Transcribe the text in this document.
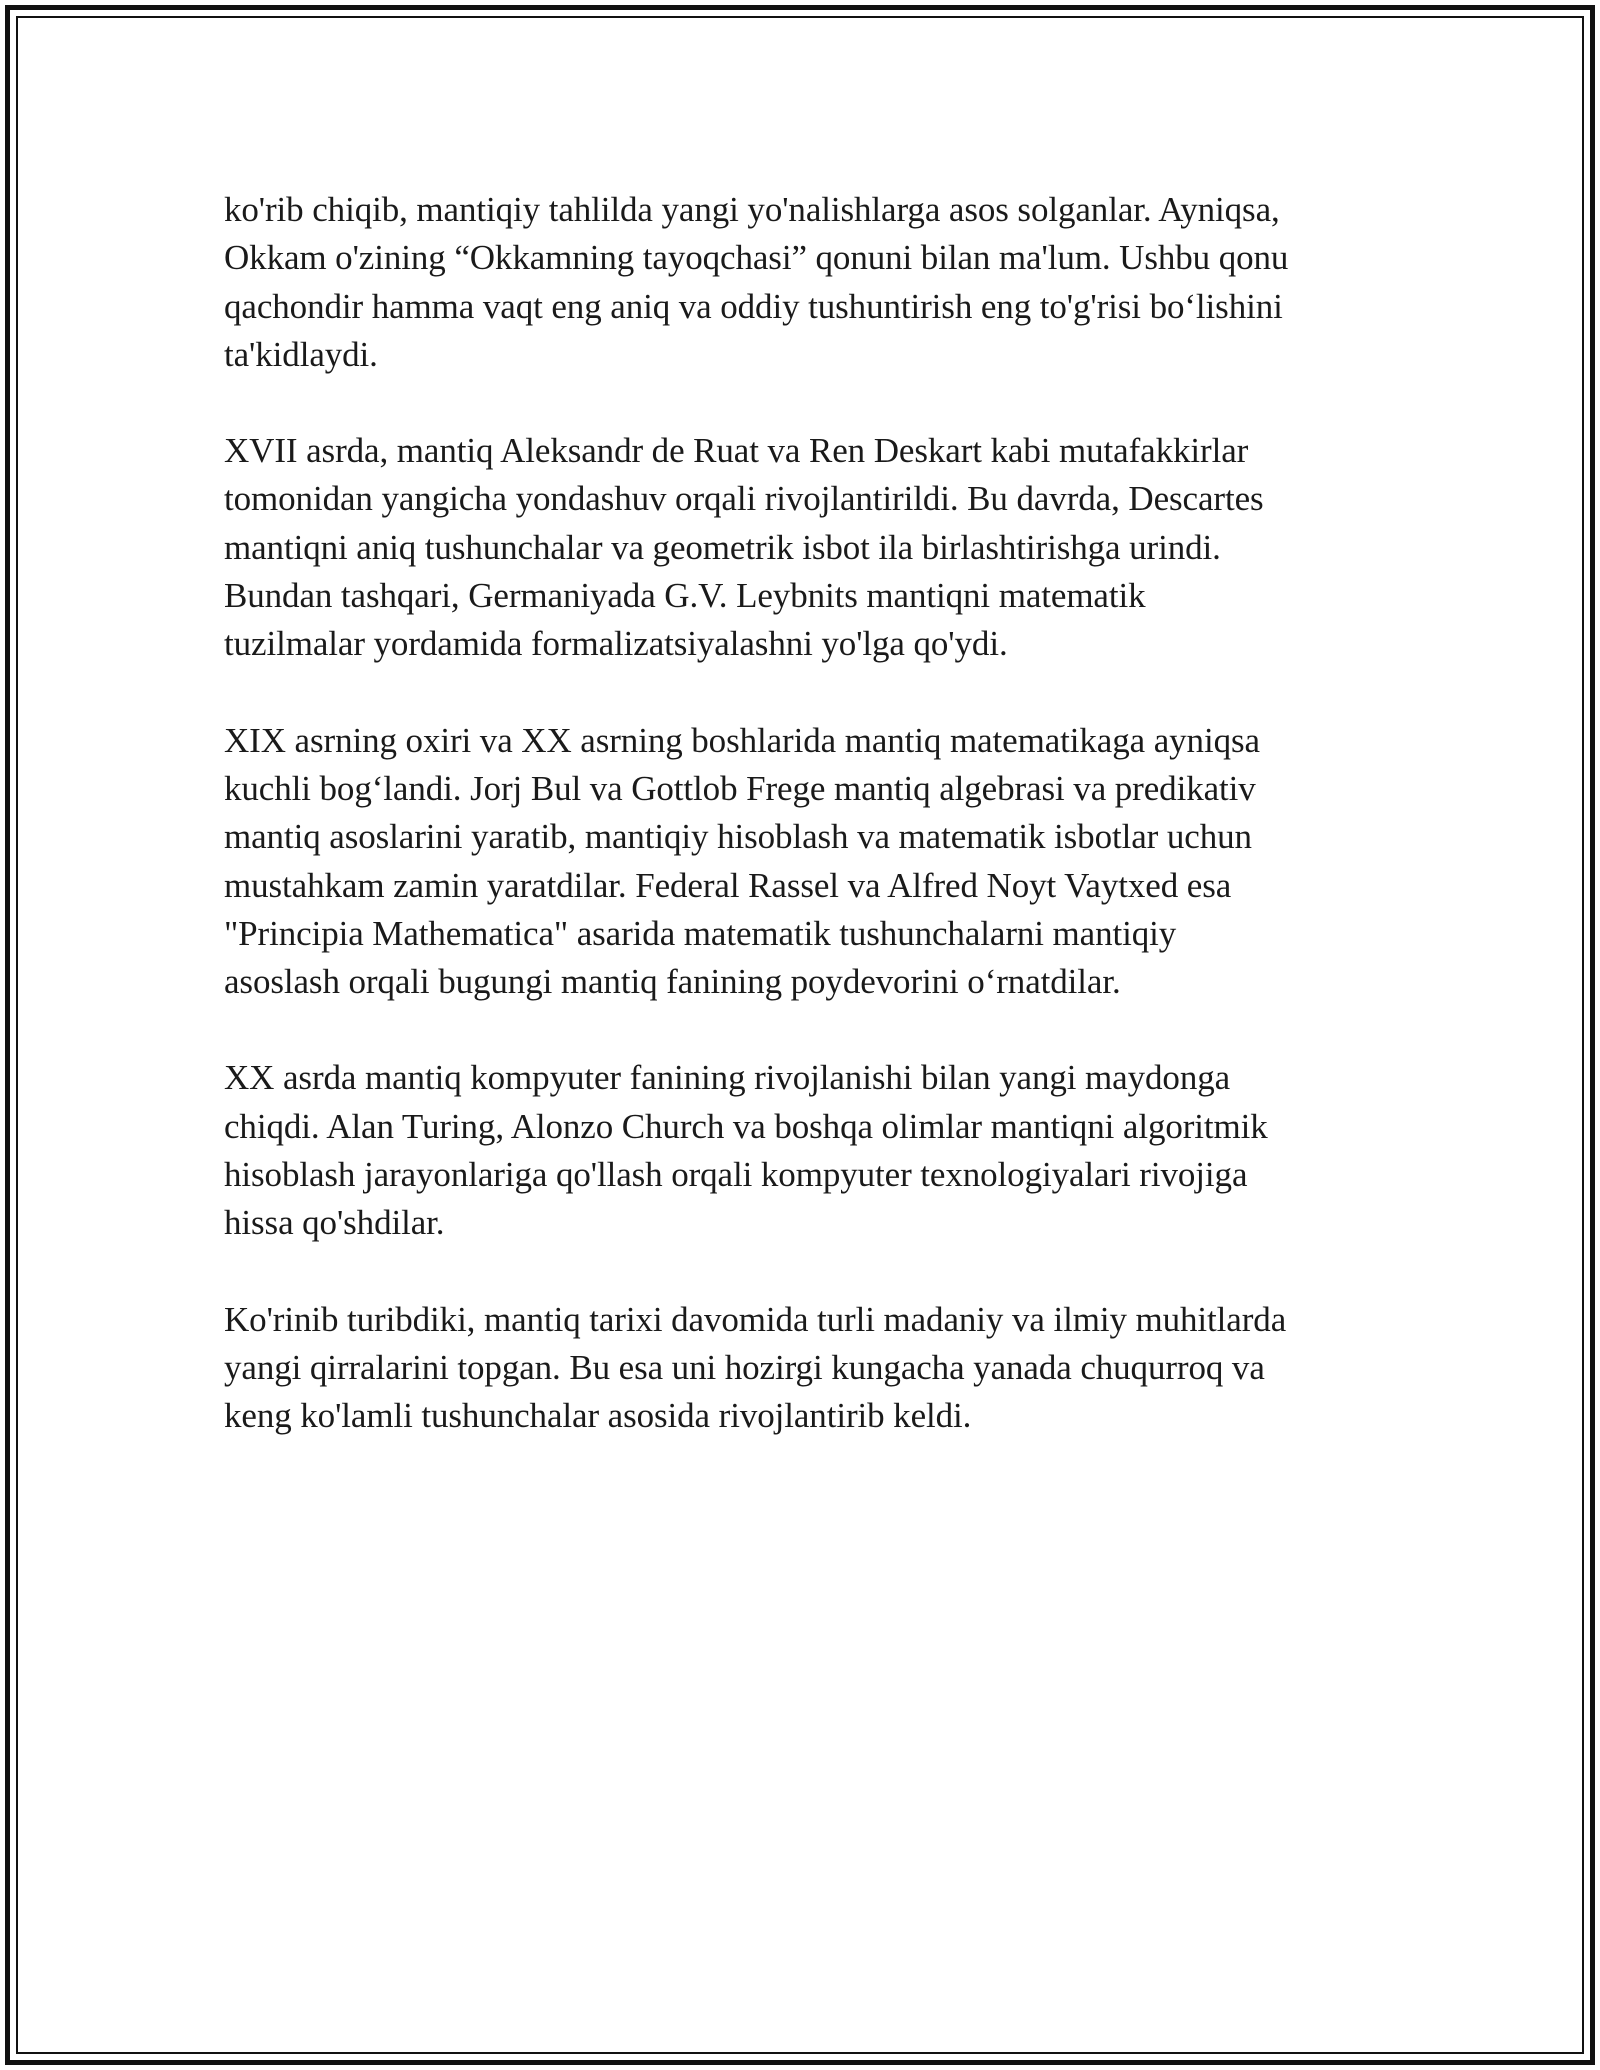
ko'rib chiqib, mantiqiy tahlilda yangi yo'nalishlarga asos solganlar. Ayniqsa,
Okkam o'zining “Okkamning tayoqchasi” qonuni bilan ma'lum. Ushbu qonu
qachondir hamma vaqt eng aniq va oddiy tushuntirish eng to'g'risi bo‘lishini
ta'kidlaydi.

XVII asrda, mantiq Aleksandr de Ruat va Ren Deskart kabi mutafakkirlar
tomonidan yangicha yondashuv orqali rivojlantirildi. Bu davrda, Descartes
mantiqni aniq tushunchalar va geometrik isbot ila birlashtirishga urindi.
Bundan tashqari, Germaniyada G.V. Leybnits mantiqni matematik
tuzilmalar yordamida formalizatsiyalashni yo'lga qo'ydi.

XIX asrning oxiri va XX asrning boshlarida mantiq matematikaga ayniqsa
kuchli bog‘landi. Jorj Bul va Gottlob Frege mantiq algebrasi va predikativ
mantiq asoslarini yaratib, mantiqiy hisoblash va matematik isbotlar uchun
mustahkam zamin yaratdilar. Federal Rassel va Alfred Noyt Vaytxed esa
"Principia Mathematica" asarida matematik tushunchalarni mantiqiy
asoslash orqali bugungi mantiq fanining poydevorini o‘rnatdilar.

XX asrda mantiq kompyuter fanining rivojlanishi bilan yangi maydonga
chiqdi. Alan Turing, Alonzo Church va boshqa olimlar mantiqni algoritmik
hisoblash jarayonlariga qo'llash orqali kompyuter texnologiyalari rivojiga
hissa qo'shdilar.

Ko'rinib turibdiki, mantiq tarixi davomida turli madaniy va ilmiy muhitlarda
yangi qirralarini topgan. Bu esa uni hozirgi kungacha yanada chuqurroq va
keng ko'lamli tushunchalar asosida rivojlantirib keldi.
